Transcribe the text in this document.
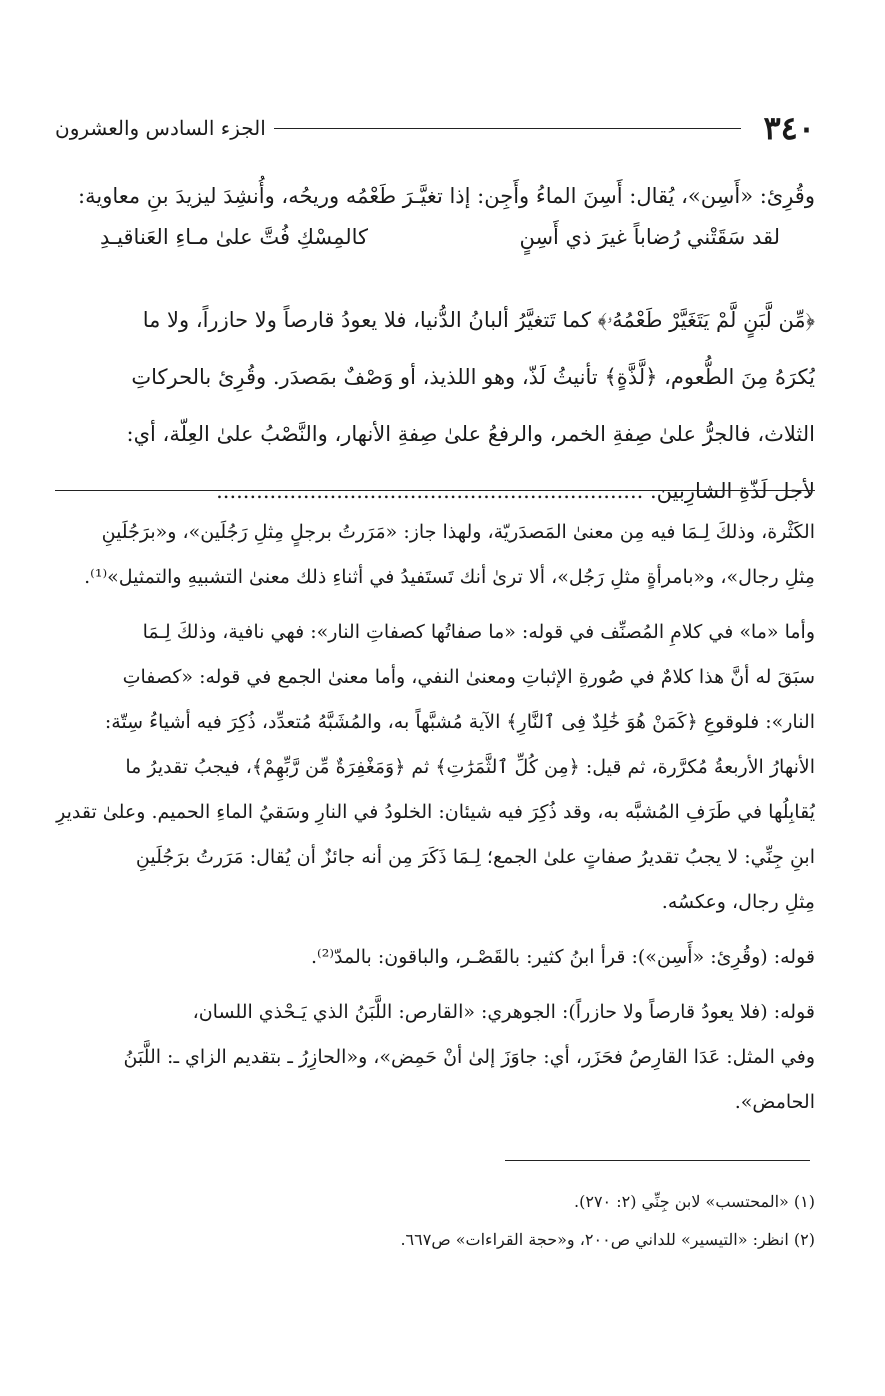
٣٤٠
الجزء السادس والعشرون
وقُرِئ: «أَسِن»، يُقال: أَسِنَ الماءُ وأَجِن: إذا تغيَّـرَ طَعْمُه وريحُه، وأُنشِدَ ليزيدَ بنِ معاوية:
لقد سَقَتْني رُضاباً غيرَ ذي أَسِنٍ
كالمِسْكِ فُتَّ علىٰ مـاءِ العَناقيـدِ
﴿مِّن لَّبَنٍ لَّمْ يَتَغَيَّرْ طَعْمُهُۥ﴾ كما تَتغيَّرُ ألبانُ الدُّنيا، فلا يعودُ قارصاً ولا حازراً، ولا ما
يُكرَهُ مِنَ الطُّعوم، ﴿لَّذَّةٍ﴾ تأنيثُ لَذّ، وهو اللذيذ، أو وَصْفٌ بمَصدَر. وقُرِئ بالحركاتِ
الثلاث، فالجرُّ علىٰ صِفةِ الخمر، والرفعُ علىٰ صِفةِ الأنهار، والنَّصْبُ علىٰ العِلّة، أي:
لأجل لَذّةِ الشارِبين. ................................................................

الكَثْرة، وذلكَ لِـمَا فيه مِن معنىٰ المَصدَريّة، ولهذا جاز: «مَرَرتُ برجلٍ مِثلِ رَجُلَين»، و«برَجُلَينِ
مِثلِ رجال»، و«بامرأةٍ مثلِ رَجُل»، ألا ترىٰ أنك تَستَفيدُ في أثناءِ ذلك معنىٰ التشبيهِ والتمثيل»⁽¹⁾.

وأما «ما» في كلامِ المُصنِّف في قوله: «ما صفاتُها كصفاتِ النار»: فهي نافية، وذلكَ لِـمَا
سبَقَ له أنَّ هذا كلامٌ في صُورةِ الإثباتِ ومعنىٰ النفي، وأما معنىٰ الجمع في قوله: «كصفاتِ
النار»: فلوقوعِ ﴿كَمَنْ هُوَ خَٰلِدٌ فِى ٱلنَّارِ﴾ الآية مُشبَّهاً به، والمُشَبَّهُ مُتعدِّد، ذُكِرَ فيه أشياءُ سِتّة:
الأنهارُ الأربعةُ مُكرَّرة، ثم قيل: ﴿مِن كُلِّ ٱلثَّمَرَٰتِ﴾ ثم ﴿وَمَغْفِرَةٌ مِّن رَّبِّهِمْ﴾، فيجبُ تقديرُ ما
يُقابِلُها في طَرَفِ المُشبَّه به، وقد ذُكِرَ فيه شيئان: الخلودُ في النارِ وسَقيُ الماءِ الحميم. وعلىٰ تقديرِ
ابنِ جِنِّي: لا يجبُ تقديرُ صفاتٍ علىٰ الجمع؛ لِـمَا ذَكَرَ مِن أنه جائزٌ أن يُقال: مَرَرتُ برَجُلَينِ
مِثلِ رجال، وعكسُه.

قوله: (وقُرِئ: «أَسِن»): قرأ ابنُ كثير: بالقَصْـر، والباقون: بالمدّ⁽²⁾.

قوله: (فلا يعودُ قارصاً ولا حازراً): الجوهري: «القارص: اللَّبَنُ الذي يَـحْذي اللسان،
وفي المثل: عَدَا القارِصُ فحَزَر، أي: جاوَزَ إلىٰ أنْ حَمِض»، و«الحازِرُ ـ بتقديم الزاي ـ: اللَّبَنُ
الحامض».

(١) «المحتسب» لابن جِنِّي (٢: ٢٧٠).

(٢) انظر: «التيسير» للداني ص٢٠٠، و«حجة القراءات» ص٦٦٧.
